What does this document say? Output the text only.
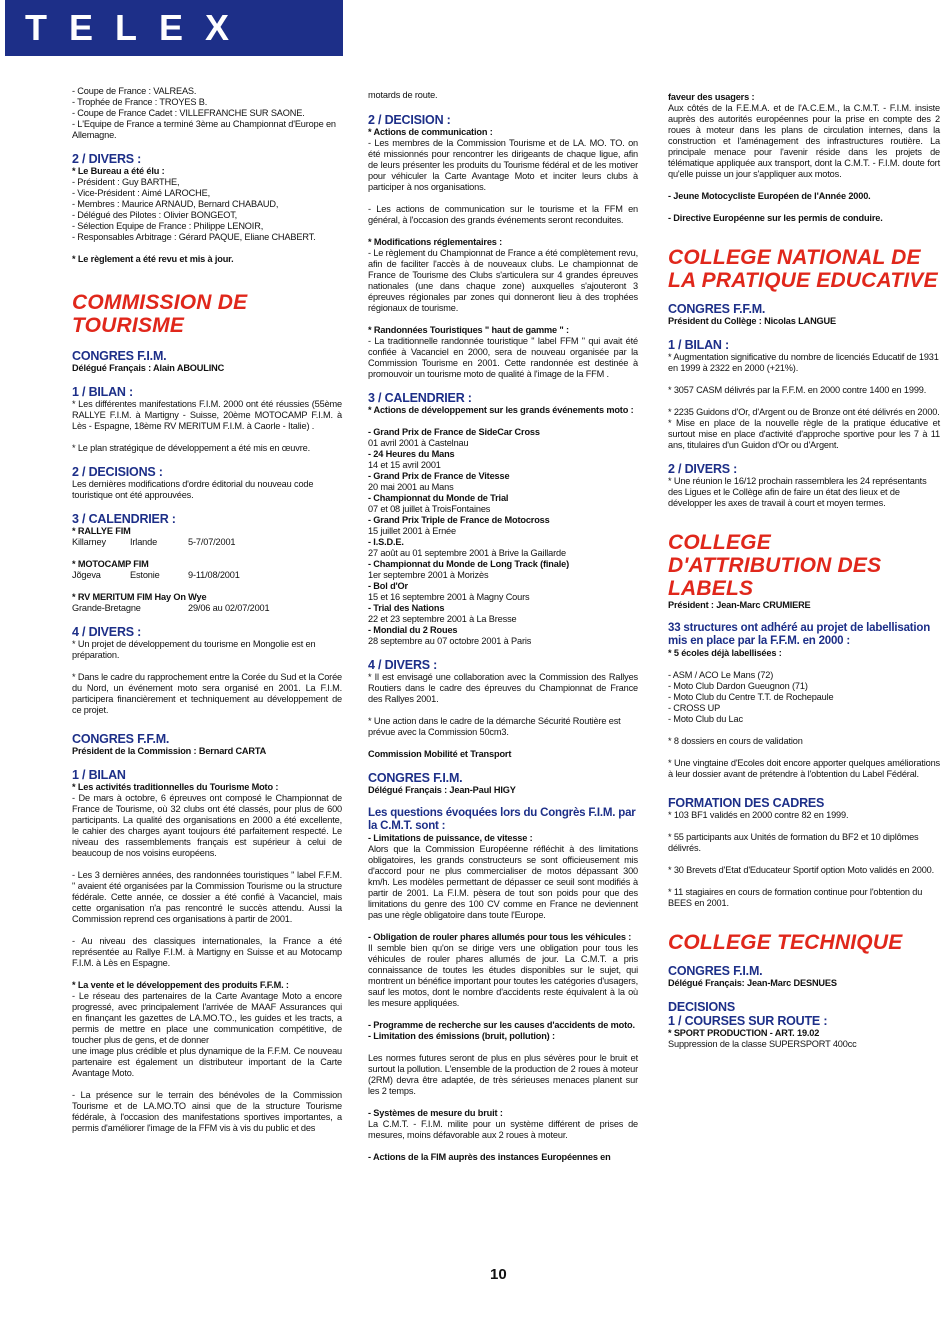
TELEX

- Coupe de France : VALREAS.
- Trophée de France : TROYES B.
- Coupe de France Cadet : VILLEFRANCHE SUR SAONE.
- L'Equipe de France a terminé 3ème au Championnat d'Europe en Allemagne.

2 / DIVERS :

* Le Bureau a été élu :

- Président : Guy BARTHE,
- Vice-Président : Aimé LAROCHE,
- Membres : Maurice ARNAUD, Bernard CHABAUD,
- Délégué des Pilotes : Olivier BONGEOT,
- Sélection Equipe de France : Philippe LENOIR,
- Responsables Arbitrage : Gérard PAQUE, Eliane CHABERT.

* Le règlement a été revu et mis à jour.

COMMISSION DE TOURISME

CONGRES F.I.M.

Délégué Français : Alain ABOULINC

1 / BILAN :

* Les différentes manifestations F.I.M. 2000 ont été réussies (55ème RALLYE F.I.M. à Martigny - Suisse, 20ème MOTOCAMP F.I.M. à Lès - Espagne, 18ème RV MERITUM F.I.M. à Caorle - Italie) .

* Le plan stratégique de développement a été mis en œuvre.

2 / DECISIONS :

Les dernières modifications d'ordre éditorial du nouveau code touristique ont été approuvées.

3 / CALENDRIER :

* RALLYE FIM

Killarney	Irlande	5-7/07/2001

* MOTOCAMP FIM

Jõgeva	Estonie	9-11/08/2001

* RV MERITUM FIM Hay On Wye

Grande-Bretagne	29/06 au 02/07/2001

4 / DIVERS :

* Un projet de développement du tourisme en Mongolie est en préparation.

* Dans le cadre du rapprochement entre la Corée du Sud et la Corée du Nord, un événement moto sera organisé en 2001. La F.I.M. participera financièrement et techniquement au développement de ce projet.

CONGRES F.F.M.

Président de la Commission : Bernard CARTA

1 / BILAN

* Les activités traditionnelles du Tourisme Moto :

- De mars à octobre, 6 épreuves ont composé le Championnat de France de Tourisme, où 32 clubs ont été classés, pour plus de 600 participants. La qualité des organisations en 2000 a été excellente, le cahier des charges ayant toujours été parfaitement respecté. Le niveau des rassemblements français est supérieur à celui de beaucoup de nos voisins européens.

- Les 3 dernières années, des randonnées touristiques " label F.F.M. " avaient été organisées par la Commission Tourisme ou la structure fédérale. Cette année, ce dossier a été confié à Vacanciel, mais cette organisation n'a pas rencontré le succès attendu. Aussi la Commission reprend ces organisations à partir de 2001.

- Au niveau des classiques internationales, la France a été représentée au Rallye F.I.M. à Martigny en Suisse et au Motocamp F.I.M. à Lès en Espagne.

* La vente et le développement des produits F.F.M. :

- Le réseau des partenaires de la Carte Avantage Moto a encore progressé, avec principalement l'arrivée de MAAF Assurances qui en finançant les gazettes de LA.MO.TO., les guides et les tracts, a permis de mettre en place une communication compétitive, de toucher plus de gens, et de donner
une image plus crédible et plus dynamique de la F.F.M. Ce nouveau partenaire est également un distributeur important de la Carte Avantage Moto.

- La présence sur le terrain des bénévoles de la Commission Tourisme et de LA.MO.TO ainsi que de la structure Tourisme fédérale, à l'occasion des manifestations sportives importantes, a permis d'améliorer l'image de la FFM vis à vis du public et des

motards de route.

2 / DECISION :

* Actions de communication :

- Les membres de la Commission Tourisme et de LA. MO. TO. on été missionnés pour rencontrer les dirigeants de chaque ligue, afin de leurs présenter les produits du Tourisme fédéral et de les motiver pour véhiculer la Carte Avantage Moto et inciter leurs clubs à participer à nos organisations.

- Les actions de communication sur le tourisme et la FFM en général, à l'occasion des grands événements seront reconduites.

* Modifications réglementaires :

- Le règlement du Championnat de France a été complètement revu, afin de faciliter l'accès à de nouveaux clubs. Le championnat de France de Tourisme des Clubs s'articulera sur 4 grandes épreuves nationales (une dans chaque zone) auxquelles s'ajouteront 3 épreuves régionales par zones qui donneront lieu à des trophées régionaux de tourisme.

* Randonnées Touristiques " haut de gamme " :

- La traditionnelle randonnée touristique " label FFM " qui avait été confiée à Vacanciel en 2000, sera de nouveau organisée par la Commission Tourisme en 2001. Cette randonnée est destinée à promouvoir un tourisme moto de qualité à l'image de la FFM .

3 / CALENDRIER :

* Actions de développement sur les grands événements moto :

- Grand Prix de France de SideCar Cross

01 avril 2001 à Castelnau

- 24 Heures du Mans

14 et 15 avril 2001

- Grand Prix de France de Vitesse

20 mai 2001 au Mans

- Championnat du Monde de Trial

07 et 08 juillet à TroisFontaines

- Grand Prix Triple de France de Motocross

15 juillet 2001 à Ernée

- I.S.D.E.

27 août au 01 septembre 2001 à Brive la Gaillarde

- Championnat du Monde de Long Track (finale)

1er septembre 2001 à Morizès

- Bol d'Or

15 et 16 septembre 2001 à Magny Cours

- Trial des Nations

22 et 23 septembre 2001 à La Bresse

- Mondial du 2 Roues

28 septembre au 07 octobre 2001 à Paris

4 / DIVERS :

* Il est envisagé une collaboration avec la Commission des Rallyes Routiers dans le cadre des épreuves du Championnat de France des Rallyes 2001.

* Une action dans le cadre de la démarche Sécurité Routière est prévue avec la Commission 50cm3.

Commission Mobilité et Transport

CONGRES F.I.M.

Délégué Français : Jean-Paul HIGY

Les questions évoquées lors du Congrès F.I.M. par la C.M.T. sont :

- Limitations de puissance, de vitesse :

Alors que la Commission Européenne réfléchit à des limitations obligatoires, les grands constructeurs se sont officieusement mis d'accord pour ne plus commercialiser de motos dépassant 300 km/h. Les modèles permettant de dépasser ce seuil sont modifiés à partir de 2001. La F.I.M. pèsera de tout son poids pour que des limitations du genre des 100 CV comme en France ne deviennent pas une règle obligatoire dans toute l'Europe.

- Obligation de rouler phares allumés pour tous les véhicules :

Il semble bien qu'on se dirige vers une obligation pour tous les véhicules de rouler phares allumés de jour. La C.M.T. a pris connaissance de toutes les études disponibles sur le sujet, qui montrent un bénéfice important pour toutes les catégories d'usagers, sauf les motos, dont le nombre d'accidents reste équivalent à la où les mesure appliquées.

- Programme de recherche sur les causes d'accidents de moto.
- Limitation des émissions (bruit, pollution) :

Les normes futures seront de plus en plus sévères pour le bruit et surtout la pollution. L'ensemble de la production de 2 roues à moteur (2RM) devra être adaptée, de très sérieuses menaces planent sur les 2 temps.

- Systèmes de mesure du bruit :

La C.M.T. - F.I.M. milite pour un système différent de prises de mesures, moins défavorable aux 2 roues à moteur.

- Actions de la FIM auprès des instances Européennes en

faveur des usagers :

Aux côtés de la F.E.M.A. et de l'A.C.E.M., la C.M.T. - F.I.M. insiste auprès des autorités européennes pour la prise en compte des 2 roues à moteur dans les plans de circulation internes, dans la construction et l'aménagement des infrastructures routière. La principale menace pour l'avenir réside dans les projets de télématique appliquée aux transport, dont la C.M.T. - F.I.M. doute fort qu'elle puisse un jour s'appliquer aux motos.

- Jeune Motocycliste Européen de l'Année 2000.

- Directive Européenne sur les permis de conduire.

COLLEGE NATIONAL DE LA PRATIQUE EDUCATIVE

CONGRES F.F.M.

Président du Collège : Nicolas LANGUE

1 / BILAN :

* Augmentation significative du nombre de licenciés Educatif de 1931 en 1999 à 2322 en 2000 (+21%).

* 3057 CASM délivrés par la F.F.M. en 2000 contre 1400 en 1999.

* 2235 Guidons d'Or, d'Argent ou de Bronze ont été délivrés en 2000.

* Mise en place de la nouvelle règle de la pratique éducative et surtout mise en place d'activité d'approche sportive pour les 7 à 11 ans, titulaires d'un Guidon d'Or ou d'Argent.

2 / DIVERS :

* Une réunion le 16/12 prochain rassemblera les 24 représentants des Ligues et le Collège afin de faire un état des lieux et de développer les axes de travail à court et moyen termes.

COLLEGE D'ATTRIBUTION DES LABELS

Président : Jean-Marc CRUMIERE

33 structures ont adhéré au projet de labellisation mis en place par la F.F.M. en 2000 :

* 5 écoles déjà labellisées :

- ASM / ACO Le Mans (72)
- Moto Club Dardon Gueugnon (71)
- Moto Club du Centre T.T. de Rochepaule
- CROSS UP
- Moto Club du Lac

* 8 dossiers en cours de validation

* Une vingtaine d'Ecoles doit encore apporter quelques améliorations à leur dossier avant de prétendre à l'obtention du Label Fédéral.

FORMATION DES CADRES

* 103 BF1 validés en 2000 contre 82 en 1999.

* 55 participants aux Unités de formation du BF2 et 10 diplômes délivrés.

* 30 Brevets d'Etat d'Educateur Sportif option Moto validés en 2000.

* 11 stagiaires en cours de formation continue pour l'obtention du BEES en 2001.

COLLEGE TECHNIQUE

CONGRES F.I.M.

Délégué Français: Jean-Marc DESNUES

DECISIONS

1 / COURSES SUR ROUTE :

* SPORT PRODUCTION - ART. 19.02

Suppression de la classe SUPERSPORT 400cc

10
